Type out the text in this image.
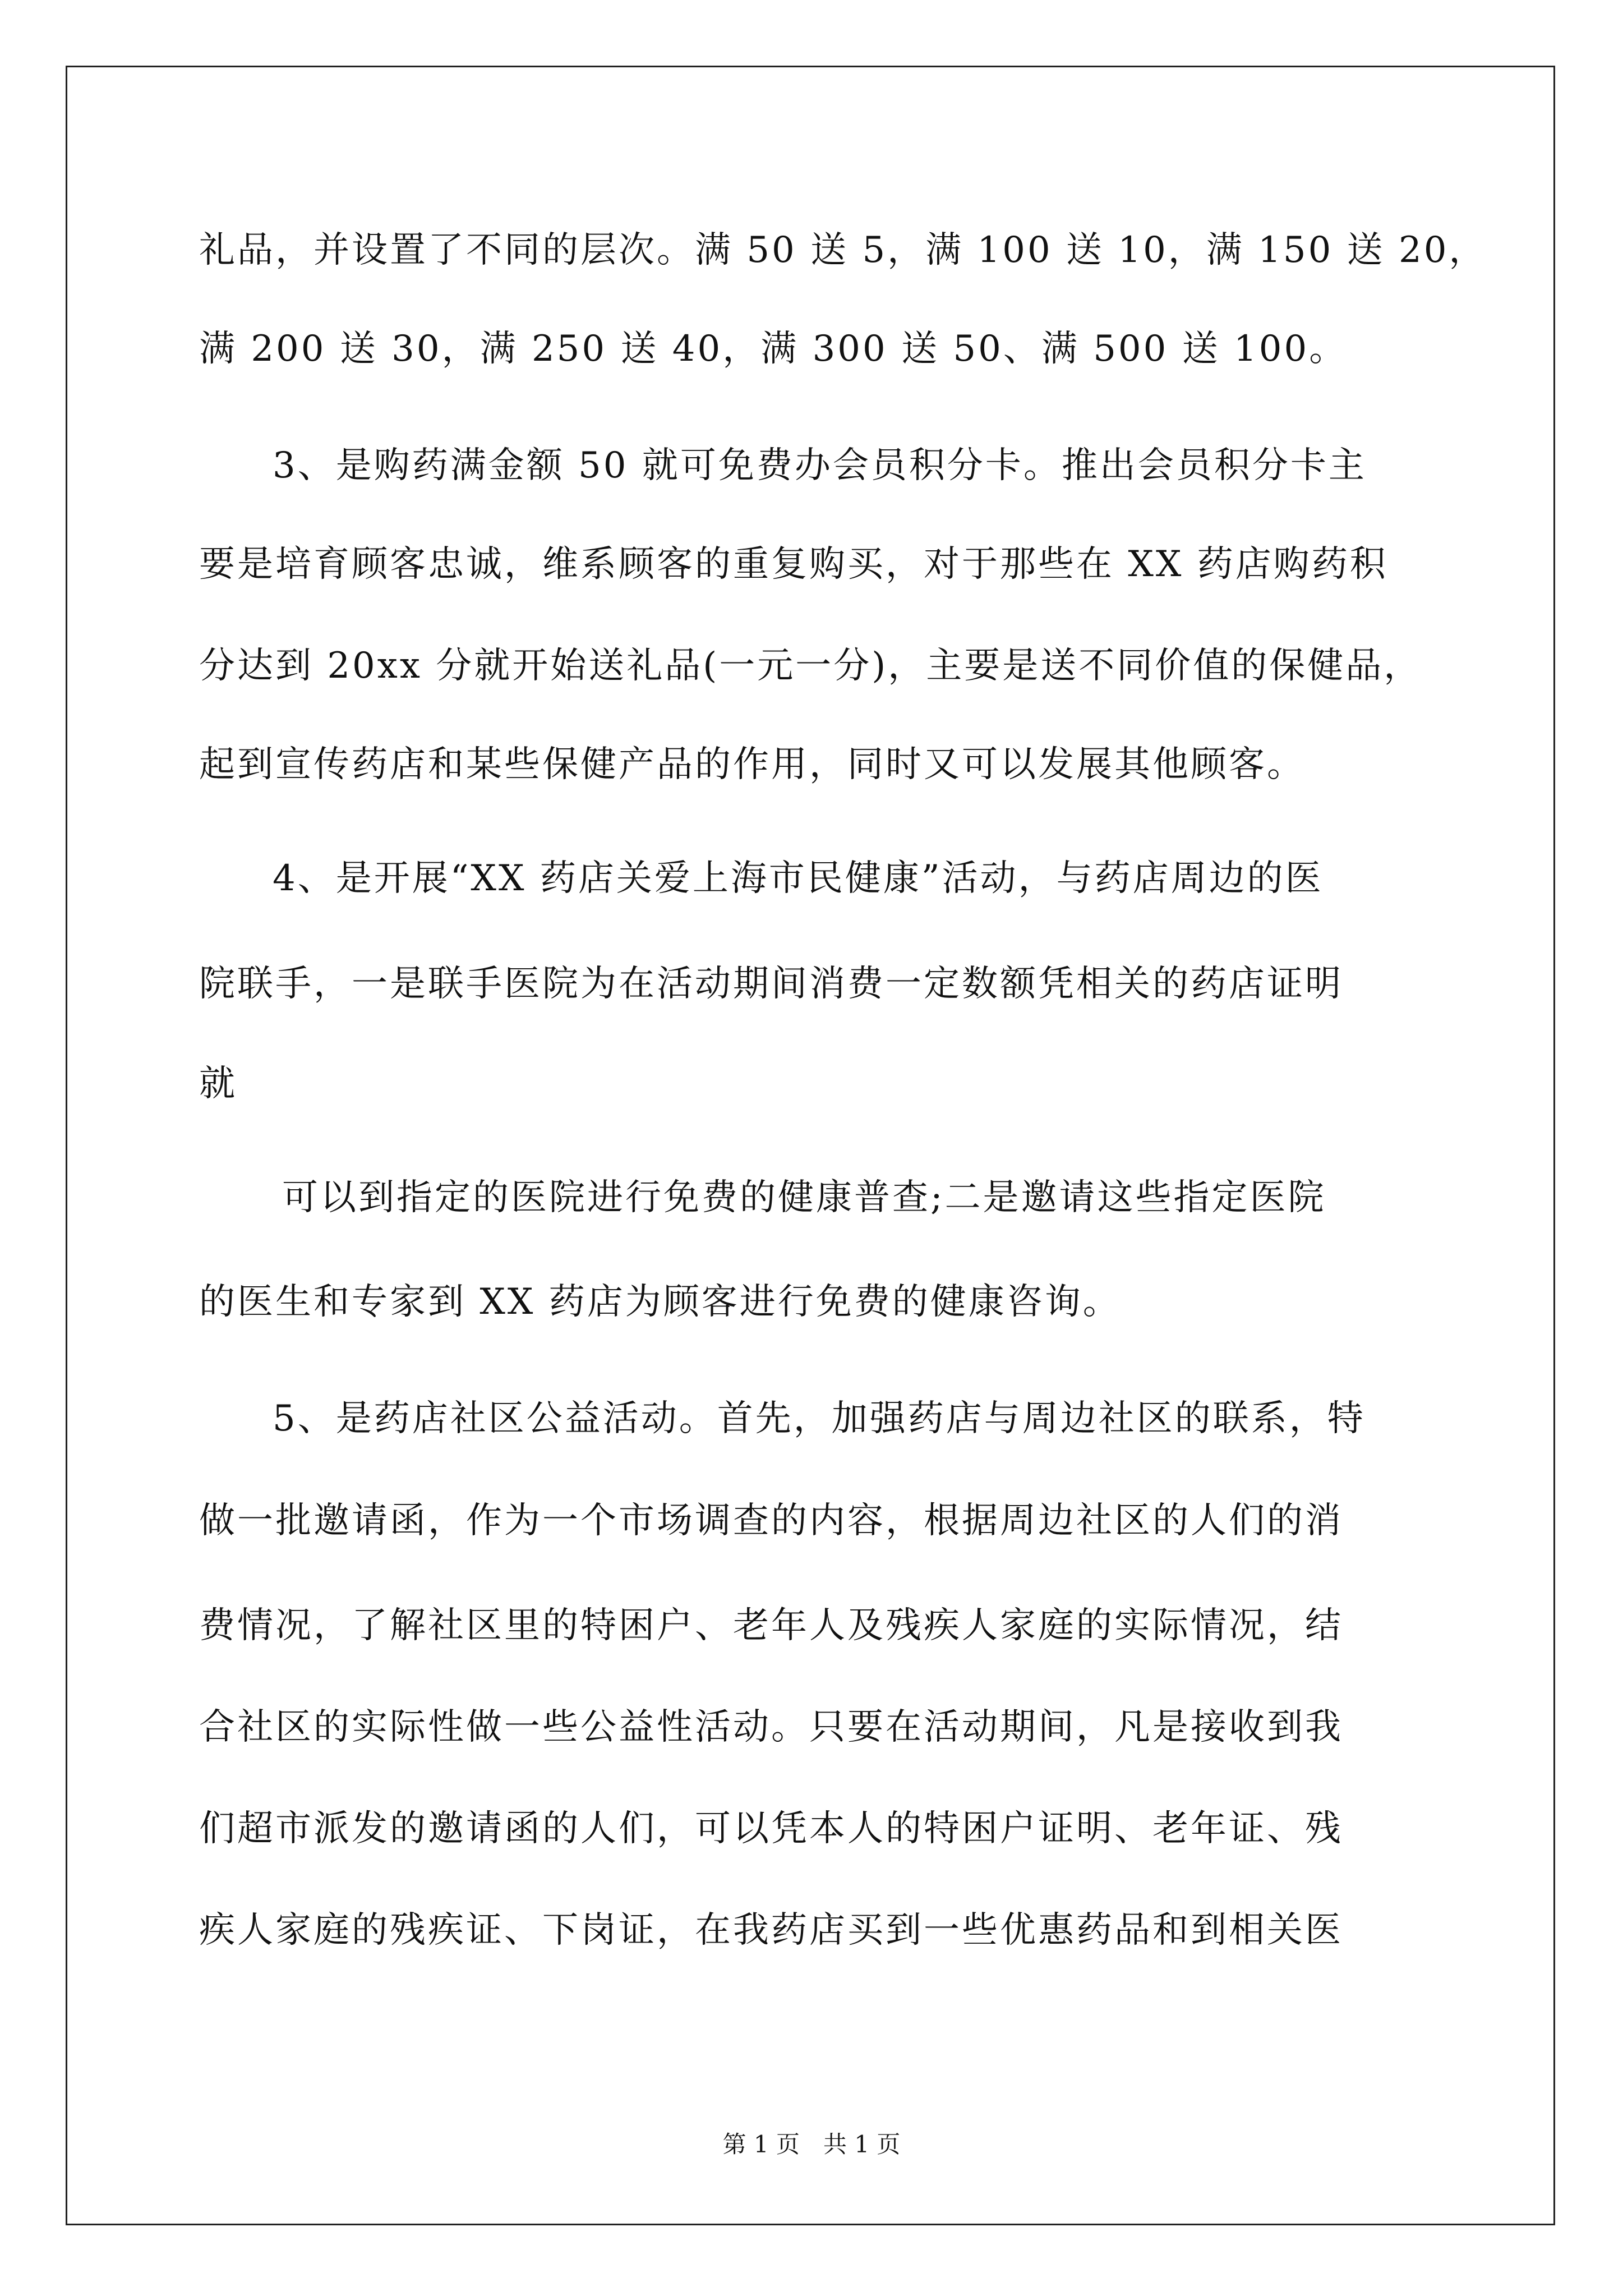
礼品，并设置了不同的层次。满 50 送 5，满 100 送 10，满 150 送 20，
满 200 送 30，满 250 送 40，满 300 送 50、满 500 送 100。
3、是购药满金额 50 就可免费办会员积分卡。推出会员积分卡主
要是培育顾客忠诚，维系顾客的重复购买，对于那些在 XX 药店购药积
分达到 20xx 分就开始送礼品(一元一分)，主要是送不同价值的保健品，
起到宣传药店和某些保健产品的作用，同时又可以发展其他顾客。
4、是开展“XX 药店关爱上海市民健康”活动，与药店周边的医
院联手，一是联手医院为在活动期间消费一定数额凭相关的药店证明
就
可以到指定的医院进行免费的健康普查;二是邀请这些指定医院
的医生和专家到 XX 药店为顾客进行免费的健康咨询。
5、是药店社区公益活动。首先，加强药店与周边社区的联系，特
做一批邀请函，作为一个市场调查的内容，根据周边社区的人们的消
费情况，了解社区里的特困户、老年人及残疾人家庭的实际情况，结
合社区的实际性做一些公益性活动。只要在活动期间，凡是接收到我
们超市派发的邀请函的人们，可以凭本人的特困户证明、老年证、残
疾人家庭的残疾证、下岗证，在我药店买到一些优惠药品和到相关医
第 1 页　共 1 页
